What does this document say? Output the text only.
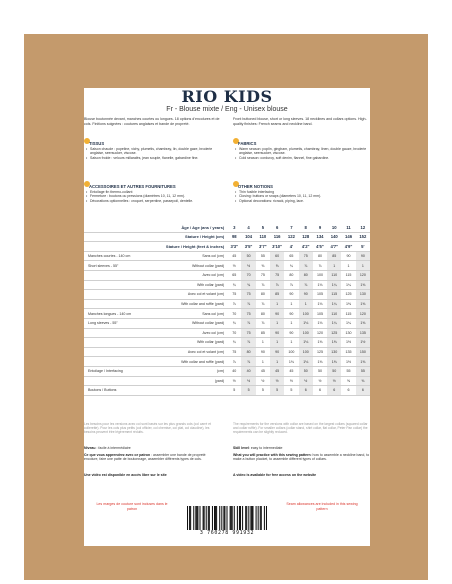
RIO KIDS
Fr - Blouse mixte / Eng - Unisex blouse
Blouse boutonnée devant, manches courtes ou longues. 18 options d'encolures et de cols. Finitions soignées : coutures anglaises et bande de propreté.
Front buttoned blouse, short or long sleeves. 18 necklines and collars options. High-quality finishes: French seams and neckline band.
TISSUS
• Saison chaude : popeline, vichy, plumetis, chambray, lin, double gaze, broderie anglaise, seersucker, viscose.
• Saison froide : velours millaralés, jean souple, flanelle, gabardine fine.
FABRICS
• Warm season: poplin, gingham, plumetis, chambray, linen, double gauze, broderie anglaise, seersucker, viscose.
• Cold season: corduroy, soft denim, flannel, fine gabardine.
ACCESSOIRES ET AUTRES FOURNITURES
• Entoilage fin thermo-collant
• Fermeture : boutons ou pressions (diamètres 10, 11, 12 mm).
• Décorations optionnelles : croquet, serpentine, passepoil, dentelle.
OTHER NOTIONS
• Thin fusible interfacing
• Closing: buttons or snaps (diameters 10, 11, 12 mm).
• Optional decorations: ricrack, piping, lace.
	Âge / Age (ans / years)	3	4	5	6	7	8	9	10	11	12
	Stature / Height (cm)	98	104	110	116	122	128	134	140	146	152
	Stature / Height (feet & inches)	3'3"	3'5"	3'7"	3'10"	4'	4'2"	4'5"	4'7"	4'9"	5'
Manches courtes - 140 cm	Sans col (cm)	45	50	55	60	65	75	80	85	90	90
Short sleeves - 55"	Without collar (yard)	½	½	⅝	⅝	¾	⅞	⅞	1	1	1
	Avec col (cm)	65	70	75	75	80	80	100	110	115	120
	With collar (yard)	¾	¾	⅞	⅞	⅞	⅞	1⅛	1¼	1¼	1⅜
	Avec col et volant (cm)	75	75	80	85	90	90	105	115	125	130
	With collar and ruffle (yard)	⅞	⅞	⅞	1	1	1	1⅛	1¼	1⅜	1⅜
Manches longues - 140 cm	Sans col (cm)	70	75	80	90	90	100	105	110	115	120
Long sleeves - 55"	Without collar (yard)	¾	⅞	⅞	1	1	1⅛	1⅛	1¼	1¼	1⅜
	Avec col (cm)	70	75	85	90	90	100	120	125	130	135
	With collar (yard)	¾	⅞	1	1	1	1⅛	1⅜	1⅜	1½	1½
	Avec col et volant (cm)	75	80	90	90	100	100	125	130	135	150
	With collar and ruffle (yard)	⅞	⅞	1	1	1⅛	1⅛	1⅜	1⅜	1½	1⅝
Entoilage / Interfacing	(cm)	40	40	45	45	45	50	50	50	55	55
	(yard)	½	½	½	½	½	½	½	½	⅝	⅝
Boutons / Buttons		5	5	5	5	5	6	6	6	6	6
Les besoins pour les versions avec col sont basés sur les plus grands cols (col carré et collerette). Pour les cols plus petits (col officier, col chemise, col plat, col claudine), les besoins peuvent être légèrement réduits.
The requirements for the versions with collar are based on the largest collars (squared collar and collar ruffle). For smaller collars (collar stand, shirt collar, flat collar, Peter Pan collar) the requirements can be slightly reduced.
Niveau : facile à intermédiaire	Skill level: easy to intermediate
Ce que vous apprendrez avec ce patron : assembler une bande de propreté encolure, faire une patte de boutonnage, assembler différents types de cols.
What you will practice with this sewing pattern: how to assemble a neckline band, to make a button placket, to assemble different types of collars.
Une vidéo est disponible en accès libre sur le site	A video is available for free access on the website
Les marges de couture sont incluses dans le patron
Seam allowances are included in this sewing pattern
3 760278 991932
